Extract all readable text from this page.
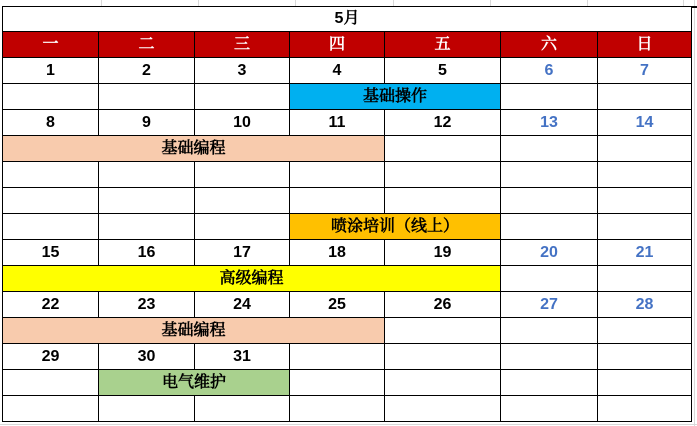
5月						
一	二	三	四	五	六	日
1	2	3	4	5	6	7
			基础操作			
8	9	10	11	12	13	14
基础编程						

			喷涂培训（线上）			
15	16	17	18	19	20	21
高级编程						
22	23	24	25	26	27	28
基础编程						
29	30	31				
	电气维护					
